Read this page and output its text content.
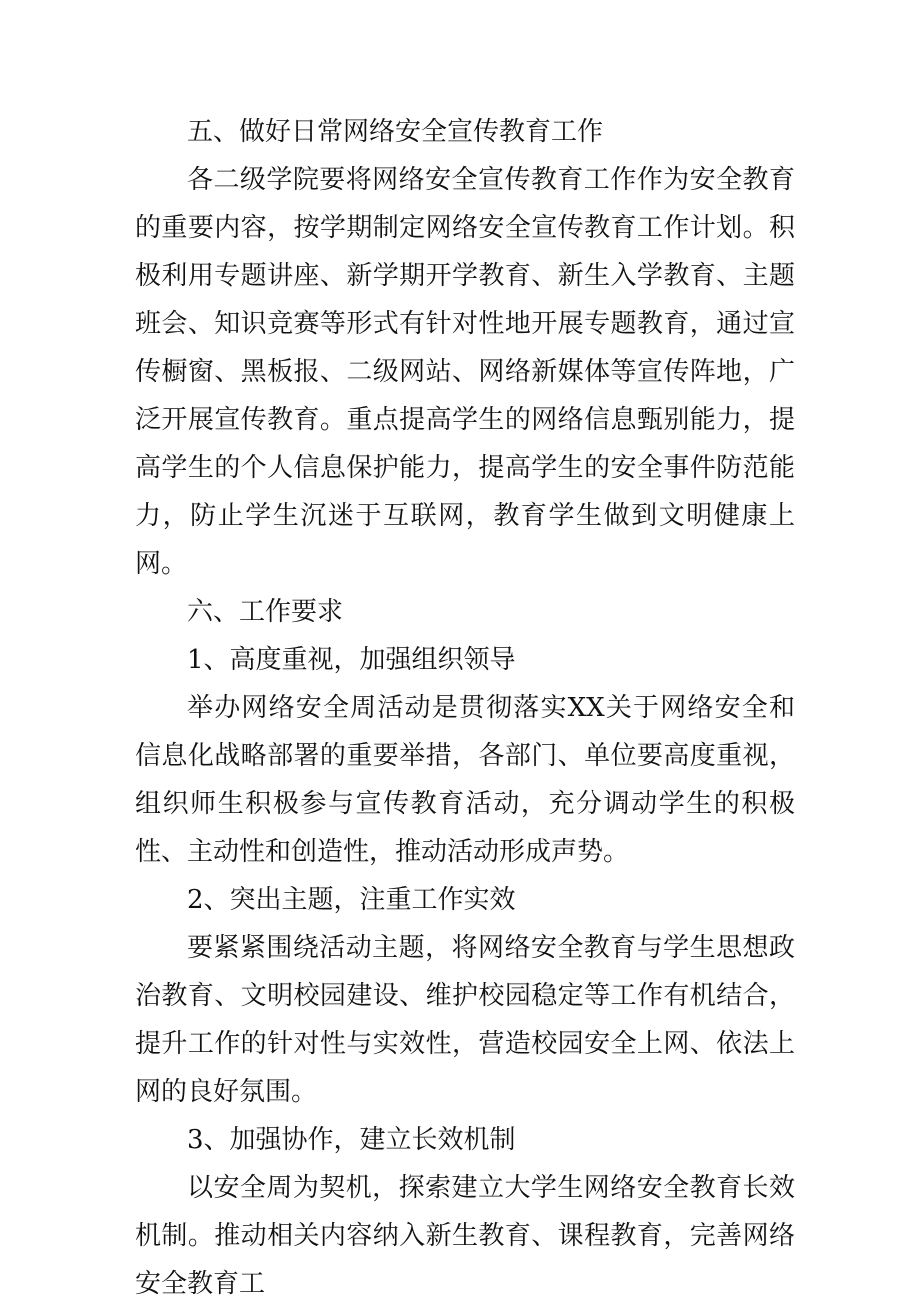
五、做好日常网络安全宣传教育工作

各二级学院要将网络安全宣传教育工作作为安全教育的重要内容，按学期制定网络安全宣传教育工作计划。积极利用专题讲座、新学期开学教育、新生入学教育、主题班会、知识竞赛等形式有针对性地开展专题教育，通过宣传橱窗、黑板报、二级网站、网络新媒体等宣传阵地，广泛开展宣传教育。重点提高学生的网络信息甄别能力，提高学生的个人信息保护能力，提高学生的安全事件防范能力，防止学生沉迷于互联网，教育学生做到文明健康上网。

六、工作要求

1、高度重视，加强组织领导

举办网络安全周活动是贯彻落实XX关于网络安全和信息化战略部署的重要举措，各部门、单位要高度重视，组织师生积极参与宣传教育活动，充分调动学生的积极性、主动性和创造性，推动活动形成声势。

2、突出主题，注重工作实效

要紧紧围绕活动主题，将网络安全教育与学生思想政治教育、文明校园建设、维护校园稳定等工作有机结合，提升工作的针对性与实效性，营造校园安全上网、依法上网的良好氛围。

3、加强协作，建立长效机制

以安全周为契机，探索建立大学生网络安全教育长效机制。推动相关内容纳入新生教育、课程教育，完善网络安全教育工
